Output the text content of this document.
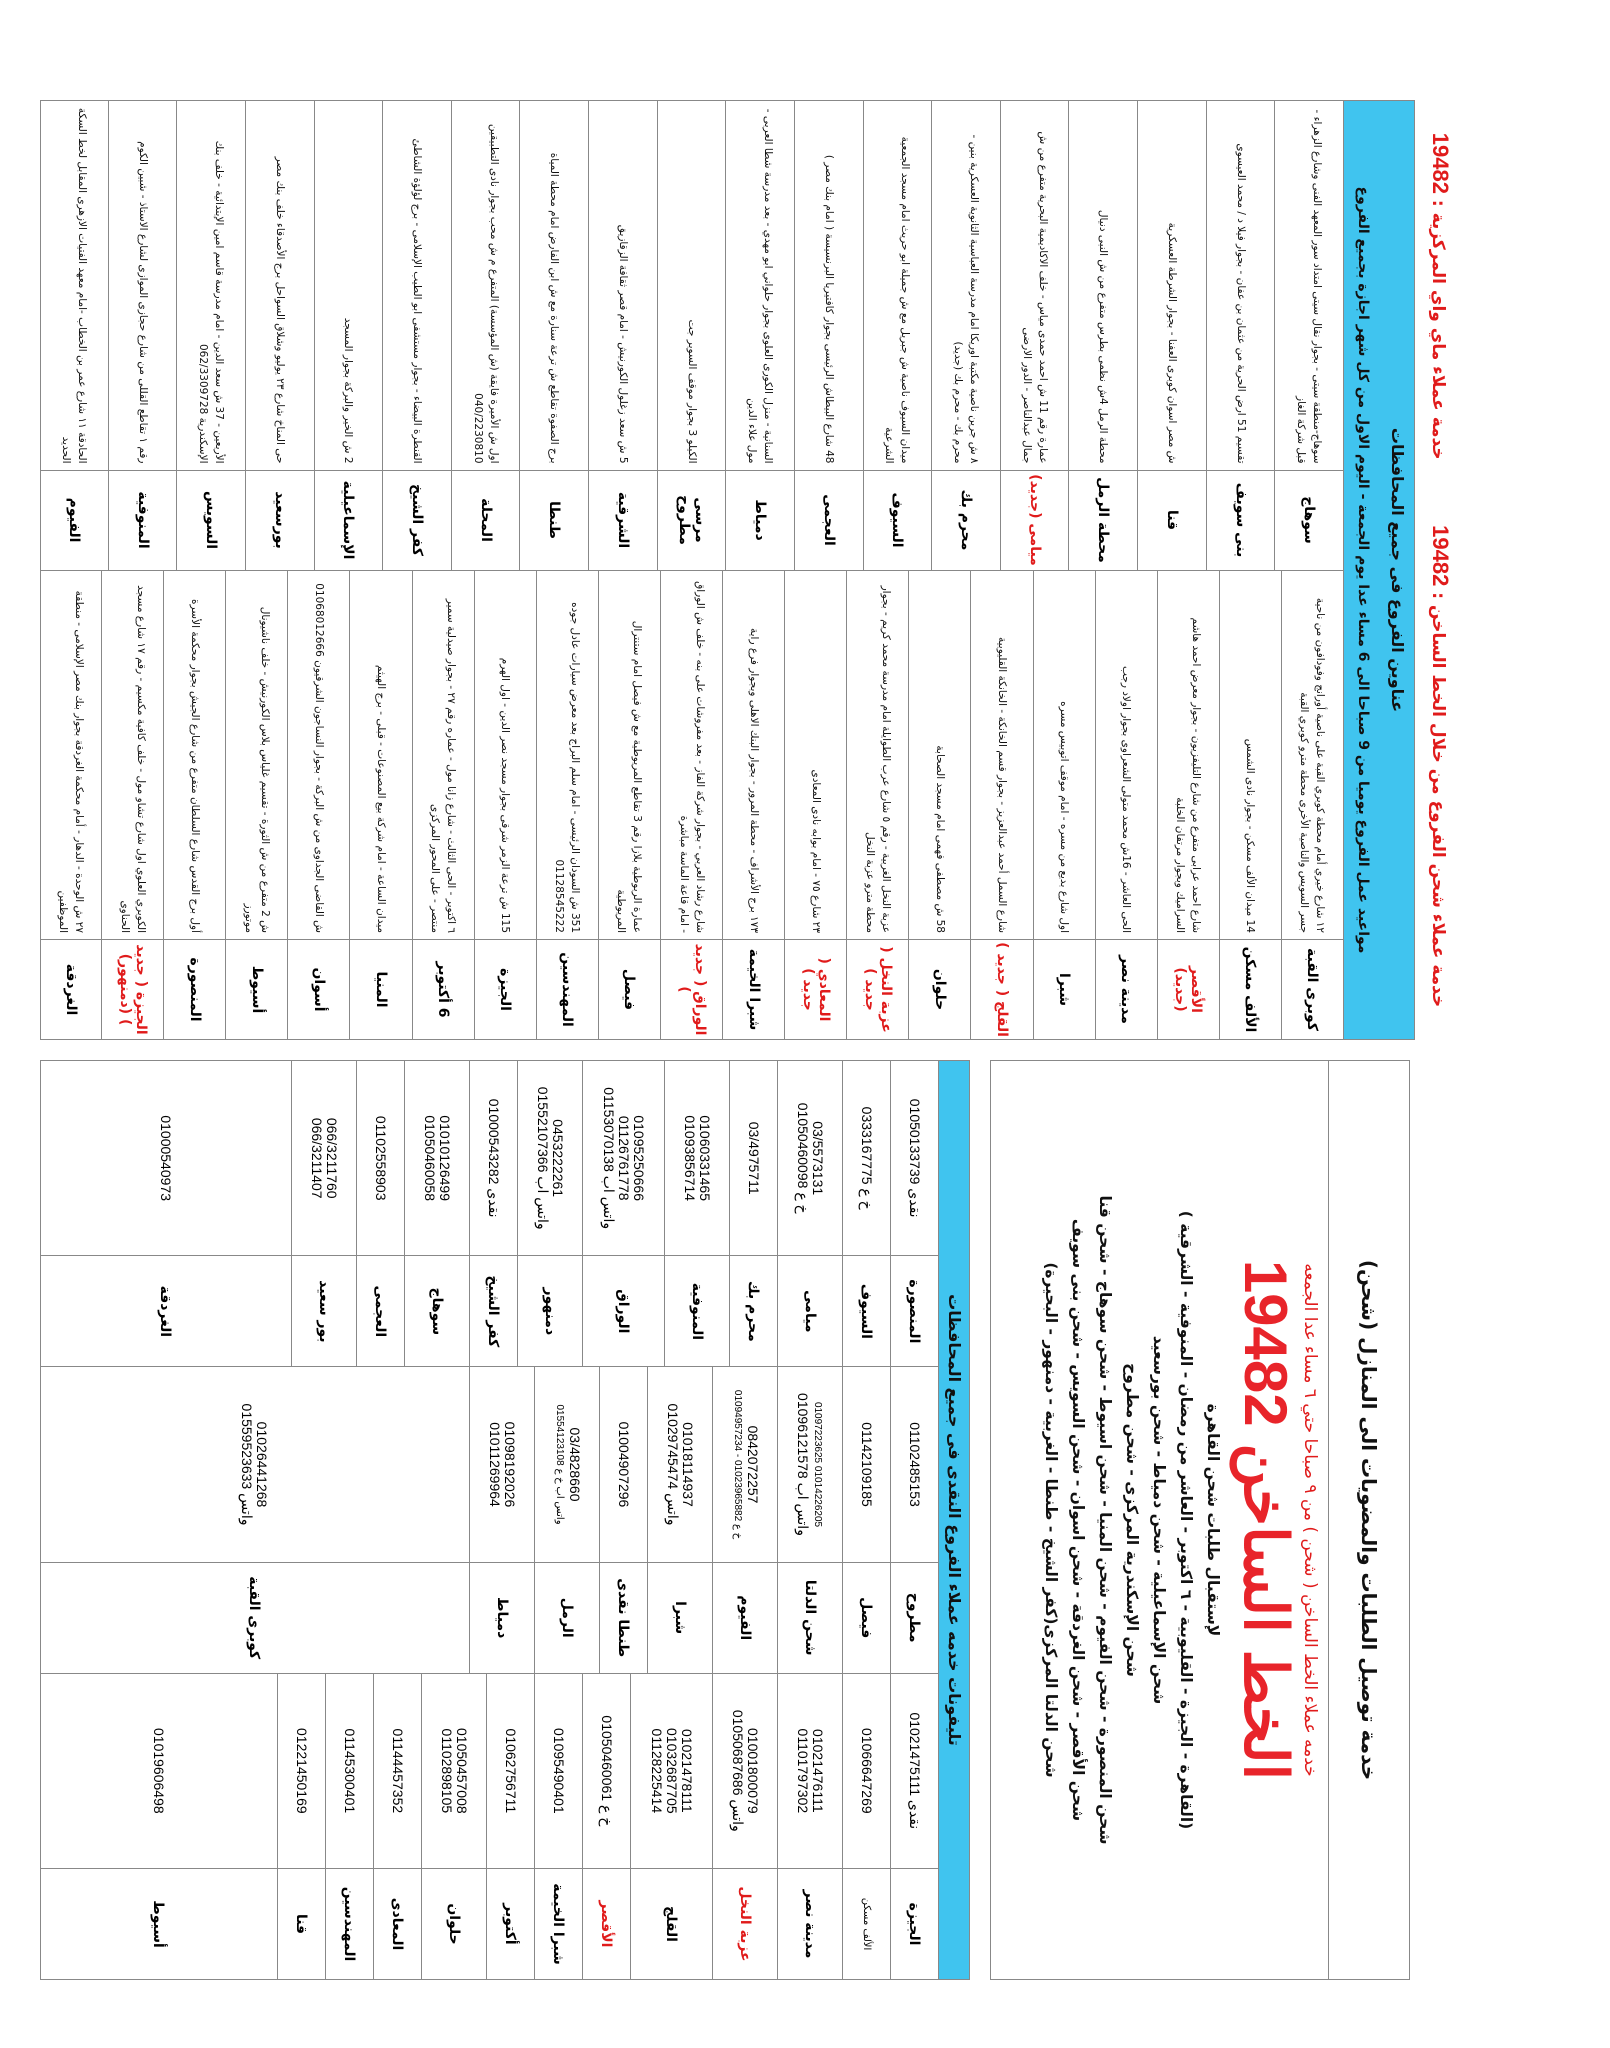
خدمة عملاء شحن الفروع من خلال الخط الساخن : 19482
خدمة عملاء ماي واي المركزية : 19482
عناوين الفروع فى جميع المحافظات
مواعيد عمل الفروع يوميا من 9 صباحا الى 6 مساء عدا يوم الجمعة - اليوم الاول من كل شهر اجازة بجميع الفروع
كوبرى القبة
١٢ شارع خيري أمام محطة كوبري القبة على ناصية أورانج وفودافون من ناحية جسر السويس والناصية الأخرى محطة مترو كوبري القبة
الألف مسكن
14 ميدان الألف مسكن - بجوار نادى الشمس
الأقصر (جديد)
شارع احمد عرابى متفرع من شارع التليفزيون - بجوار معرض احمد هاشم السراميك وبجوار مرتفان الخلبة
مدينة نصر
الحى العاشر - 16ش محمد متولى الشعراوى بجوار اولاد رجب
شبرا
اول شارع بديع من مسره - امام موقف اتوبيس مسره
القلج ( جديد )
شارع السمل أحمد عبدالعزيز - بجوار قسم الخانكة - الخانكة القليوبية
حلوان
58 ش مصطفى فهمى امام مسجد الصحابة
عزبة النخل ( جديد )
عزبة النخل الغربية - رقم ٥ شارع عرب الطوايلة امام مدرسة محمد كريم - بجوار محطة مترو عزبة النخل
المعادي ( جديد )
٢٣ شارع ٧٥ - امام بوابه نادى المعادى
شبرا الخيمة
١٧٣ برج الأشراف - محطة المرور - بجوار البنك الاهلى وبجوار فرع راية
الوراق ( جديد )
شارع رشاد العربي - بجوار شركة الفاز - بعد مفروشات على بنه - خلف ش الوراق - امام قاعة الماسة مباشرة
فيصل
عمارة الربوطية بلازا رقم 3 تقاطع المريوطية مع ش فيصل امام ستنترال المريوطية
المهندسين
351 ش السودان الرئيسى - امام سلم البراج بعد معرض سيارات عادل جوده 01128545222
الجيزة
115 ش ترعة الزمر شرقى بجوار مسجد نصر الدين - اول الهرم
6 أكتوبر
٦ اكتوبر - الحى الثالث - شارع زانا مول - عماره رقم ٢٧ - بجوار صيدلية سمير منتصر - على المحور المركزى
المنيا
ميدان الساعة - امام شركة بيع المصنوعات - قبلى - برج الهيثم
أسوان
ش القاضى الجداوى من ش البركة - بجوار النساجون الشرقيون 01068012666
أسيوط
ش 2 متفرع من ش الثورة - تقسيم غلياس بلاس الكورنيش - خلف ناشيونال موتورز
المنصورة
أول برج القدس شارع السلطان متفرع من شارع الجيش بجوار محكمة الأسرة
الجيزة ( جديد ) (دمنهور)
الكوبري العلوي اول شارع تشاو مول - خلف كافية مكسيم - رقم ١٧ شارع مسجد الحناوى
الغردقة
٢٧ ش الوحدة - الدهار - أمام محكمة الغردقة بجوار بنك مصر الإسلامى - منطقة الموظفين
سوهاج
سوهاج-منطقة سيتى - بجوار نقال سيتى امتداد سور المعهد الفنى وشارع الزهراء - قبل شركة الغاز
بنى سويف
تقسيم 51 ارض الحرية من عثمان بن عفان - بجوار فيلا د / محمد العيسوى
قنا
ش مصر اسوان كوبرى العفنا - بجوار الشرطة العسكرية
محطة الرمل
محطة الرمل 4ش نظمى بطرس متفرع من ش النبى دنيال
ميامى (جديد)
عمارة رقم 11 ش احمد حمدى مياس - خلف الاكاديمية البحرية متفرع من ش جمال عبدالناصر - الدور الارضى
محرم بك
٨ ش جرين ناصية مكتبة اوريكا امام مدرسة العباسية الثانوية العسكرية بنين - محرم بك - محرم بك (جديد)
السيوف
ميدان السيوف ناصية ش جبريل مع ش جميلة ابو حريث امام مسجد الجمعية الشرعية
العجمى
48 شارع البيطاش الرئيسى بجوار كافتيريا البرنسيسة ( امام بنك مصر )
دمياط
السنانية - منزل الكورى العلوى بجوار حلواني ابو مهدي - بعد مدرسة شطا العربى - مول علاء الدين
مرسى مطروح
الكيلو 3 بجوار موقف السوبر جت
الشرقية
5 ش سعد زغلول الكورنيش - امام قصر ثقافة الزقازيق
طنطا
برج الصفوة تقاطع ش ترعة سنارة مع ش ابن الفارض امام محطة المياة
المحلة
اول ش الأميرة فايقة (ش المؤسسة) المتفرع م ش محب بجوار نادى التطبيقين 040/2230810
كفر الشيخ
القنطرة البيضاء - بجوار مستشفى ابو الطيب الإسلامى - برج لؤلؤة الشاطئ
الإسماعيلية
2 ش الخير والبركة بجوار المسجد
بورسعيد
حى المناخ شارع ٢٣ يوليو وشلاق السواحل برج الأصدقاء خلف بنك مصر
السويس
الأربعين - 37 ش سعد الدين - امام مدرسة قاسم امين الإبتدائية - خلف بنك الإسكندرية 062/3309728
المنوفية
رقم ١ تقاطع القللى من شارع حجازى الموازى لشارع الاستاذ - شبين الكوم
الفيوم
الحادقة ١١ شارع عمر بن الخطاب -امام معهد الفتيات الازهرى المقابل لخط السكة الحديد
خدمة توصيل الطلبات والمضويات الى المنازل (شحن)
خدمه عملاء الخط الساخن ( شحن ) من ٩ صباحا حتي ٦ مساء عدا الجمعه
الخط الساخن 19482
لإستقبال طلبات شحن القاهرة
(القاهرة - الجيزة - القليوبية - ٦ اكتوبر - العاشر من رمضان - المنوفية - الشرقية )
شحن الإسماعيلية - شحن دمياط - شحن بورسعيد
شحن الإسكندرية المركزى - شحن مطروح
شحن المنصورة - شحن الفيوم - شحن المنيا - شحن اسيوط - شحن سوهاج - شحن قنا
شحن الأقصر - شحن الغردقة - شحن اسوان - شحن السويس - شحن بنى سويف
شحن الدلتا المركزى(كفر الشيخ - طنطا - الغربية - دمنهور - البحيرة)
تليفونات خدمه عملاء الفروع النقدى فى جميع المحافظات
الجيزة
01021475111 نقدى
الألف مسكن
01066647269
مدينة نصر
01021476111
01101797302
عزبة النخل
01001800079
01050687686 واتس
القلج
01021478111
01032687705
01128225414
الأقصر
01050460061 خ ع
شبرا الخيمة
01095490401
أكتوبر
01062756711
حلوان
01050457008
01102898105
المعادى
01144457352
المهندسين
01145300401
قنا
01221450169
أسيوط
01019606498
مطروح
01102485153
فيصل
01142109185
شحن الدلتا
01097223625 01014226205
01096121578 واتس اب
الفيوم
0842072257
01094957234 - 01023965882 خ ع
شبرا
01018114937
01029745474 واتس
طنطا نقدى
01004907296
الرمل
03/4828660
01554123108 واتس اب خ ع
دمياط
01098192026
01011269964
كوبرى القبة
01026441268
01559523633 واتس
المنصورة
01050133739 نقدى
السيوف
0333167775 خ ع
ميامى
03/5573131
01050460098 خ ع
محرم بك
03/4975711
المنوفية
01060331465
01093856714
الوراق
01095250666
01126761778
01153070138 واتس اب
دمنهور
0453222261
01552107366 واتس اب
كفر الشيخ
01000543282 نقدى
سوهاج
01010126499
01050460058
العجمى
01102558903
بور سعيد
066/3211760
066/3211407
الغردقة
01000540973
